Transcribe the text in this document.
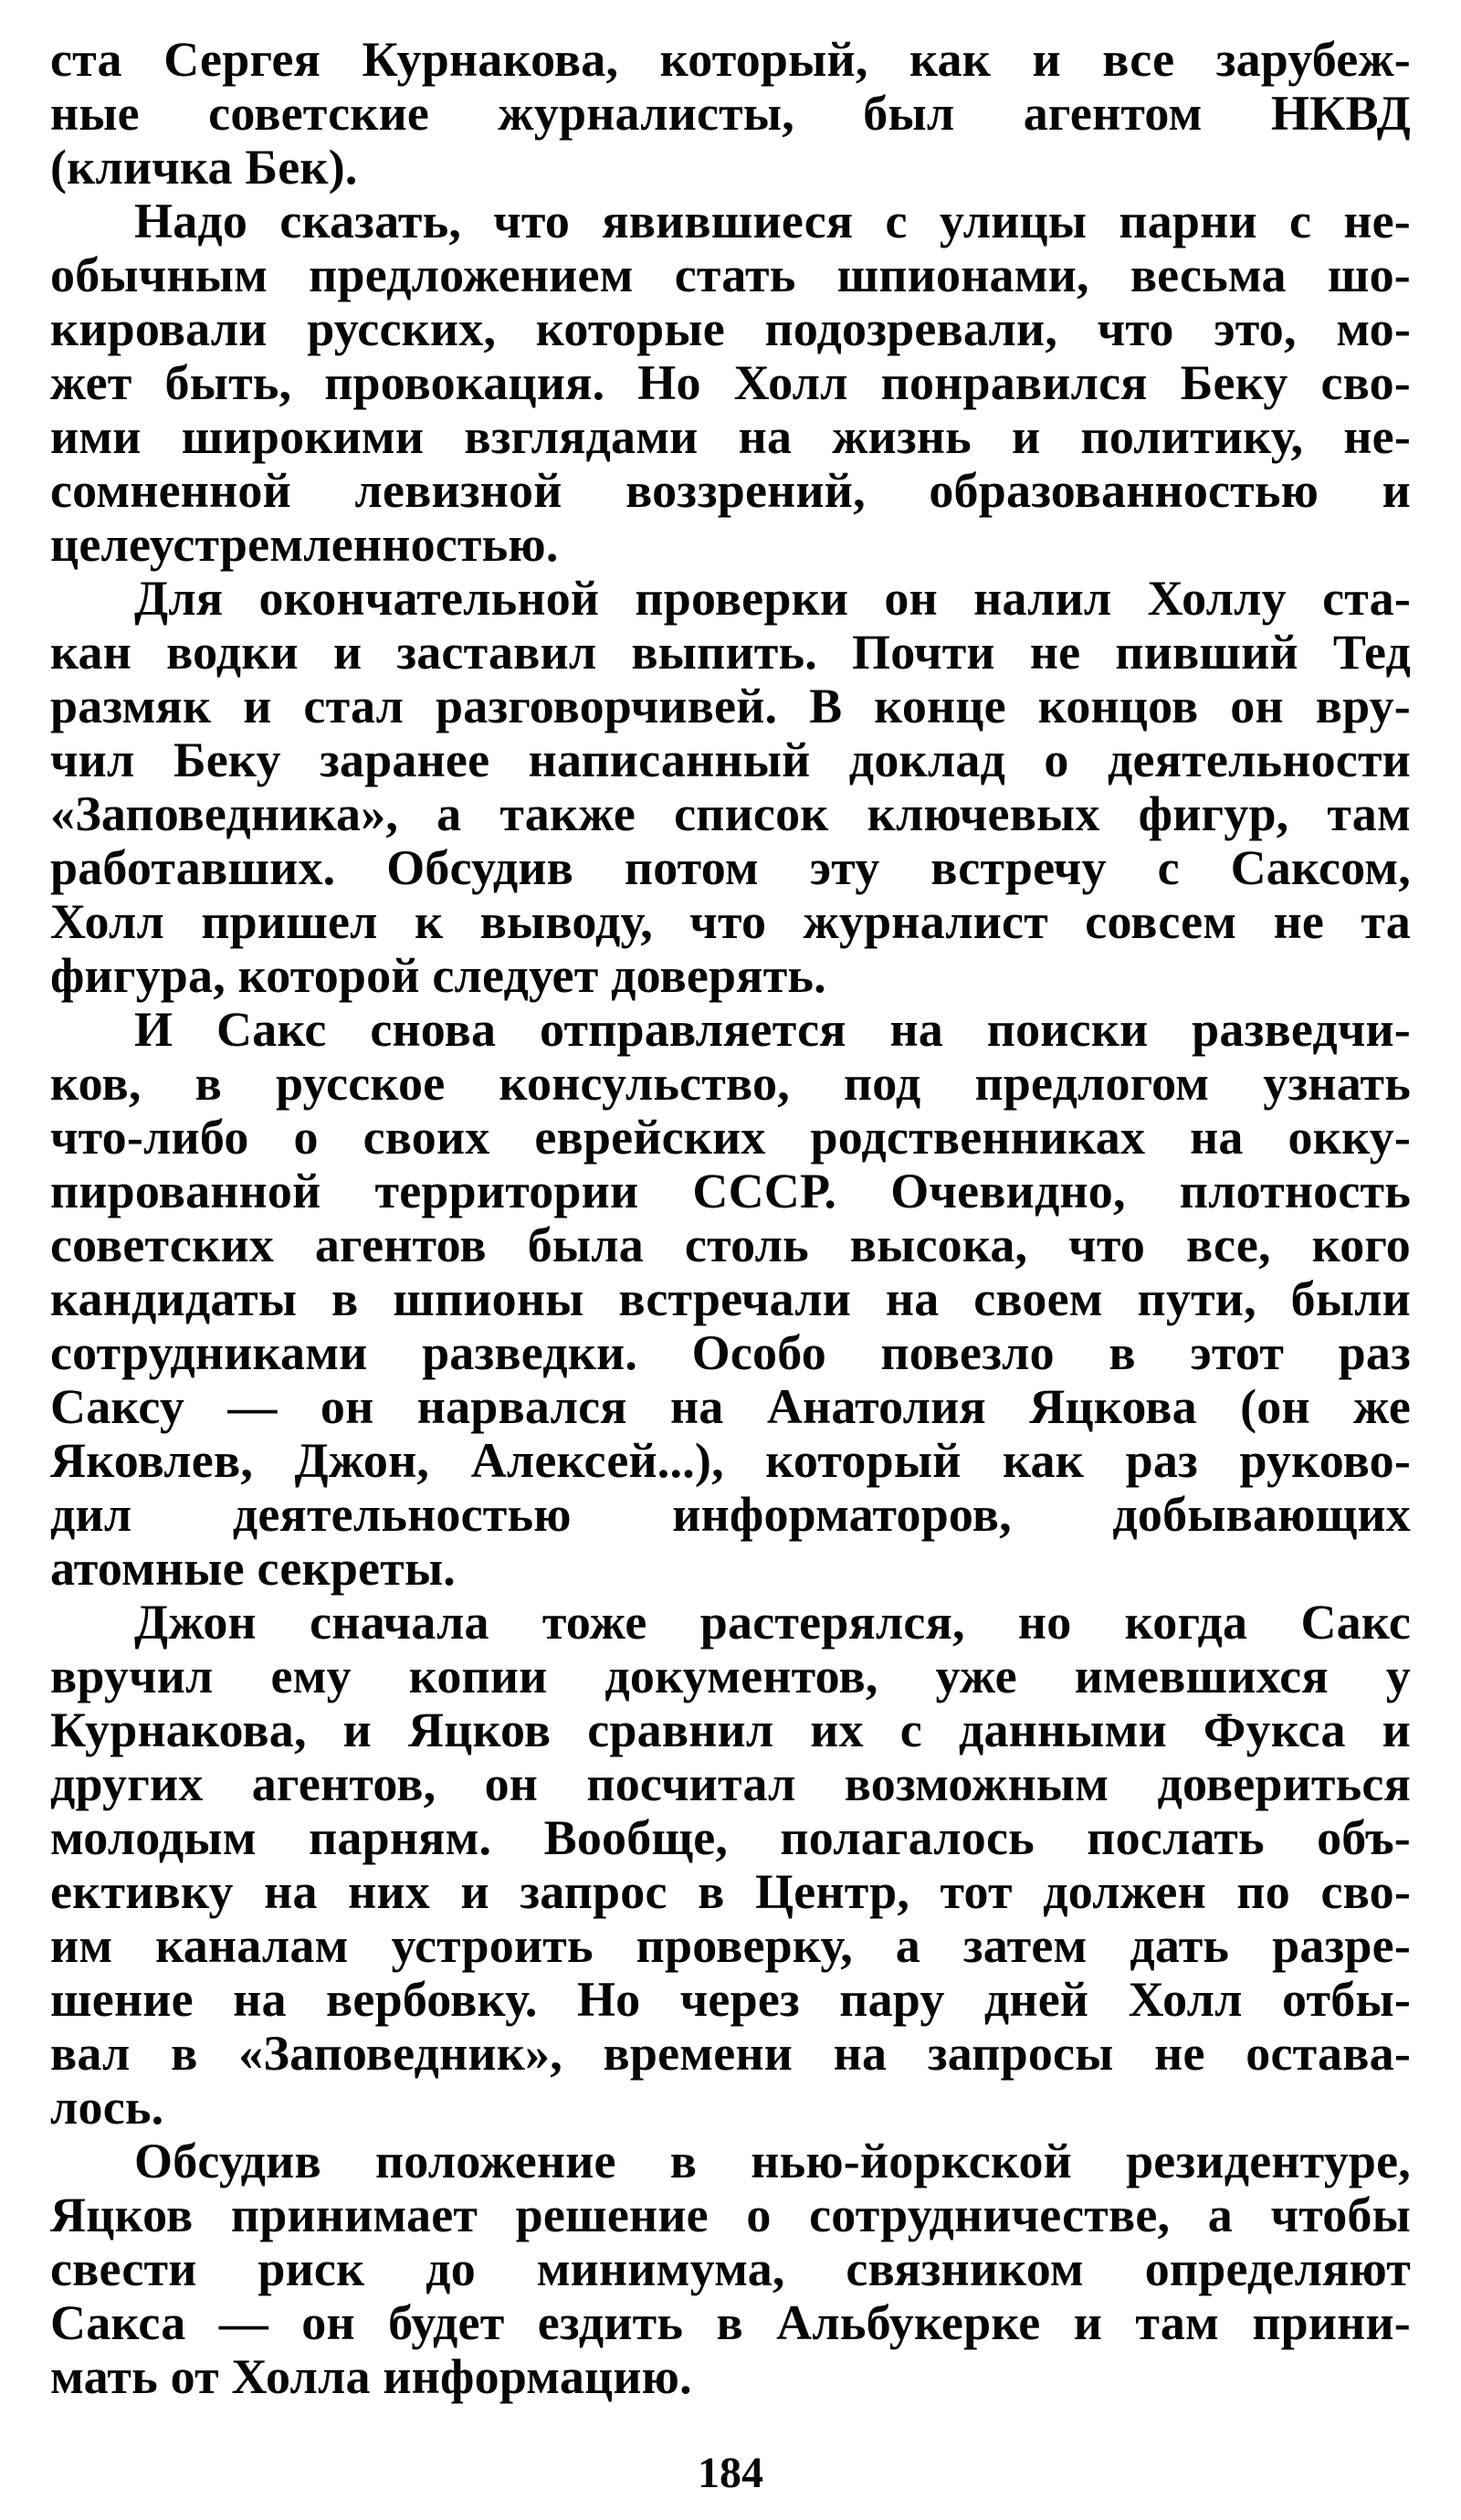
ста Сергея Курнакова, который, как и все зарубеж-
ные советские журналисты, был агентом НКВД
(кличка Бек).
Надо сказать, что явившиеся с улицы парни с не-
обычным предложением стать шпионами, весьма шо-
кировали русских, которые подозревали, что это, мо-
жет быть, провокация. Но Холл понравился Беку сво-
ими широкими взглядами на жизнь и политику, не-
сомненной левизной воззрений, образованностью и
целеустремленностью.
Для окончательной проверки он налил Холлу ста-
кан водки и заставил выпить. Почти не пивший Тед
размяк и стал разговорчивей. В конце концов он вру-
чил Беку заранее написанный доклад о деятельности
«Заповедника», а также список ключевых фигур, там
работавших. Обсудив потом эту встречу с Саксом,
Холл пришел к выводу, что журналист совсем не та
фигура, которой следует доверять.
И Сакс снова отправляется на поиски разведчи-
ков, в русское консульство, под предлогом узнать
что-либо о своих еврейских родственниках на окку-
пированной территории СССР. Очевидно, плотность
советских агентов была столь высока, что все, кого
кандидаты в шпионы встречали на своем пути, были
сотрудниками разведки. Особо повезло в этот раз
Саксу — он нарвался на Анатолия Яцкова (он же
Яковлев, Джон, Алексей...), который как раз руково-
дил деятельностью информаторов, добывающих
атомные секреты.
Джон сначала тоже растерялся, но когда Сакс
вручил ему копии документов, уже имевшихся у
Курнакова, и Яцков сравнил их с данными Фукса и
других агентов, он посчитал возможным довериться
молодым парням. Вообще, полагалось послать объ-
ективку на них и запрос в Центр, тот должен по сво-
им каналам устроить проверку, а затем дать разре-
шение на вербовку. Но через пару дней Холл отбы-
вал в «Заповедник», времени на запросы не остава-
лось.
Обсудив положение в нью-йоркской резидентуре,
Яцков принимает решение о сотрудничестве, а чтобы
свести риск до минимума, связником определяют
Сакса — он будет ездить в Альбукерке и там прини-
мать от Холла информацию.
184
